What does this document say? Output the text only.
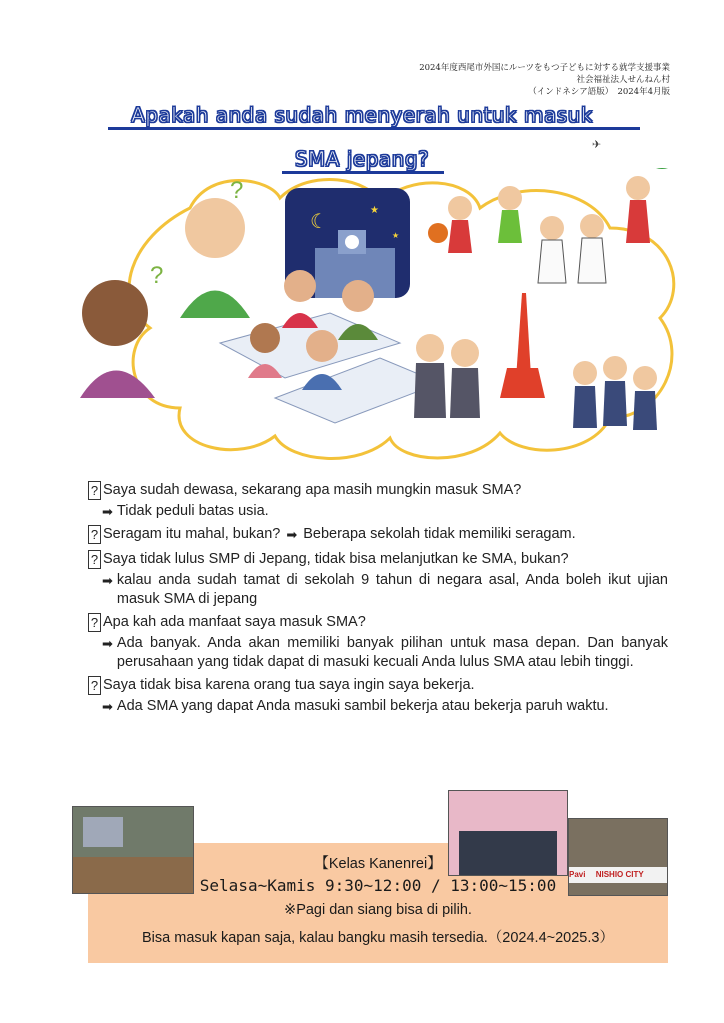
2024年度西尾市外国にルーツをもつ子どもに対する就学支援事業
社会福祉法人せんねん村
（インドネシア語版）　2024年4月版
Apakah anda sudah menyerah untuk masuk
SMA jepang?
✈
☾
★
★
?
?
? Saya sudah dewasa, sekarang apa masih mungkin masuk SMA?
➡ Tidak peduli batas usia.
? Seragam itu mahal, bukan? ➡ Beberapa sekolah tidak memiliki seragam.
? Saya tidak lulus SMP di Jepang, tidak bisa melanjutkan ke SMA, bukan?
➡ kalau anda sudah tamat di sekolah 9 tahun di negara asal, Anda boleh ikut ujian masuk SMA di jepang
? Apa kah ada manfaat saya masuk SMA?
➡ Ada banyak. Anda akan memiliki banyak pilihan untuk masa depan. Dan banyak perusahaan yang tidak dapat di masuki kecuali Anda lulus SMA atau lebih tinggi.
? Saya tidak bisa karena orang tua saya ingin saya bekerja.
➡ Ada SMA yang dapat Anda masuki sambil bekerja atau bekerja paruh waktu.
Pavi NISHIO CITY
【Kelas Kanenrei】
Selasa~Kamis 9:30~12:00 / 13:00~15:00
※Pagi dan siang bisa di pilih.
Bisa masuk kapan saja, kalau bangku masih tersedia.（2024.4~2025.3）
